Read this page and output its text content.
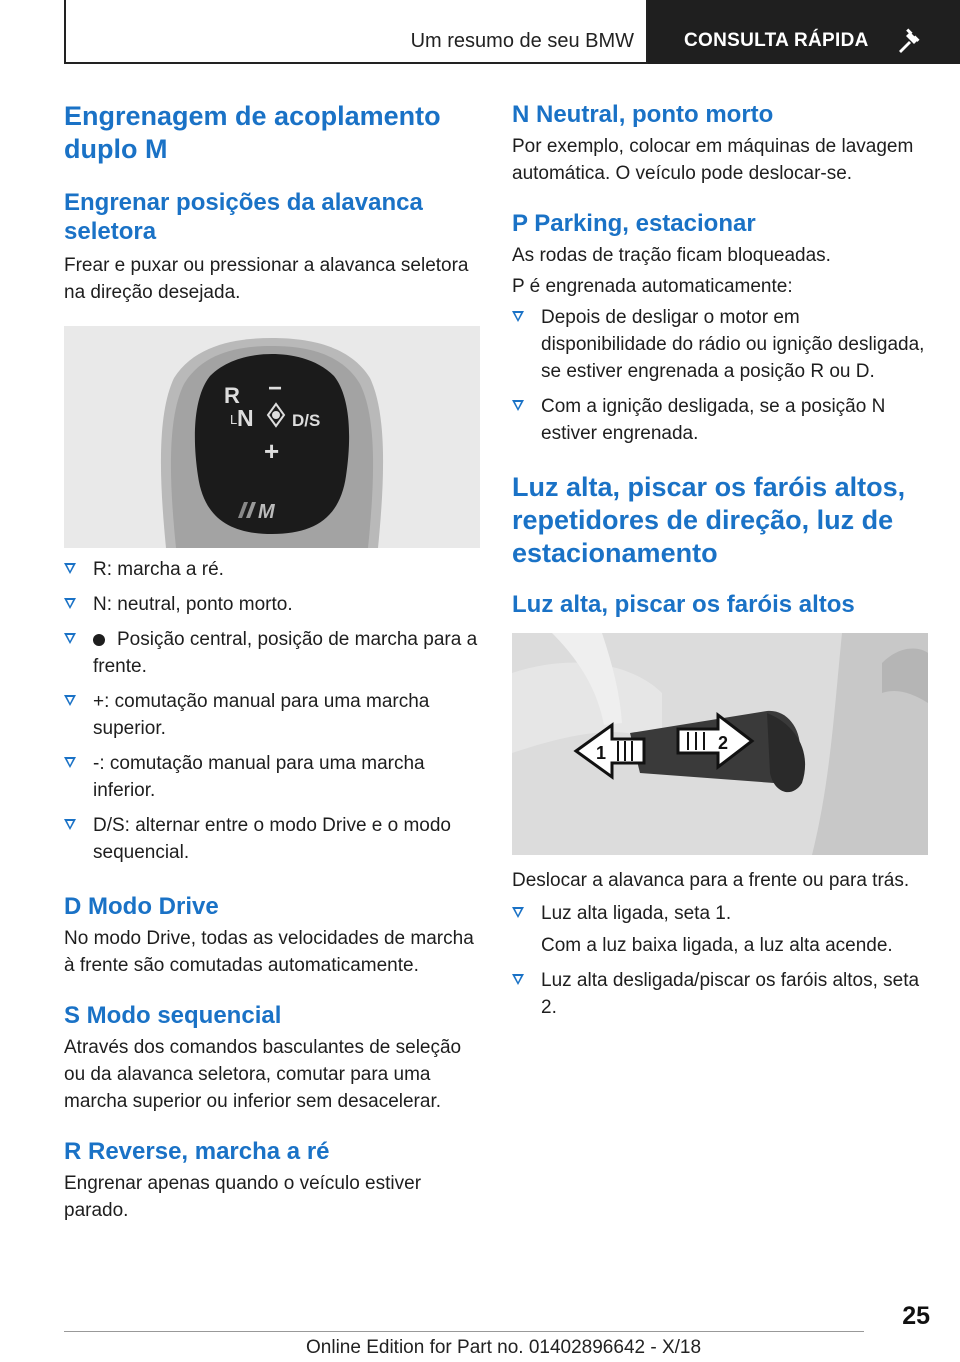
Um resumo de seu BMW	CONSULTA RÁPIDA
Engrenagem de acoplamento duplo M
Engrenar posições da alavanca seletora

Frear e puxar ou pressionar a alavanca seletora na direção desejada.

R −
L N D/S
+
M
R: marcha a ré.
N: neutral, ponto morto.
Posição central, posição de marcha para a frente.
+: comutação manual para uma marcha superior.
-: comutação manual para uma marcha inferior.
D/S: alternar entre o modo Drive e o modo sequencial.
D Modo Drive

No modo Drive, todas as velocidades de marcha à frente são comutadas automaticamente.

S Modo sequencial

Através dos comandos basculantes de seleção ou da alavanca seletora, comutar para uma marcha superior ou inferior sem desacelerar.

R Reverse, marcha a ré

Engrenar apenas quando o veículo estiver parado.

N Neutral, ponto morto

Por exemplo, colocar em máquinas de lavagem automática. O veículo pode deslocar-se.

P Parking, estacionar

As rodas de tração ficam bloqueadas.

P é engrenada automaticamente:

Depois de desligar o motor em disponibilidade do rádio ou ignição desligada, se estiver engrenada a posição R ou D.
Com a ignição desligada, se a posição N estiver engrenada.
Luz alta, piscar os faróis altos, repetidores de direção, luz de estacionamento
Luz alta, piscar os faróis altos
1	2

Deslocar a alavanca para a frente ou para trás.

Luz alta ligada, seta 1.
Com a luz baixa ligada, a luz alta acende.
Luz alta desligada/piscar os faróis altos, seta 2.
25
Online Edition for Part no. 01402896642 - X/18
